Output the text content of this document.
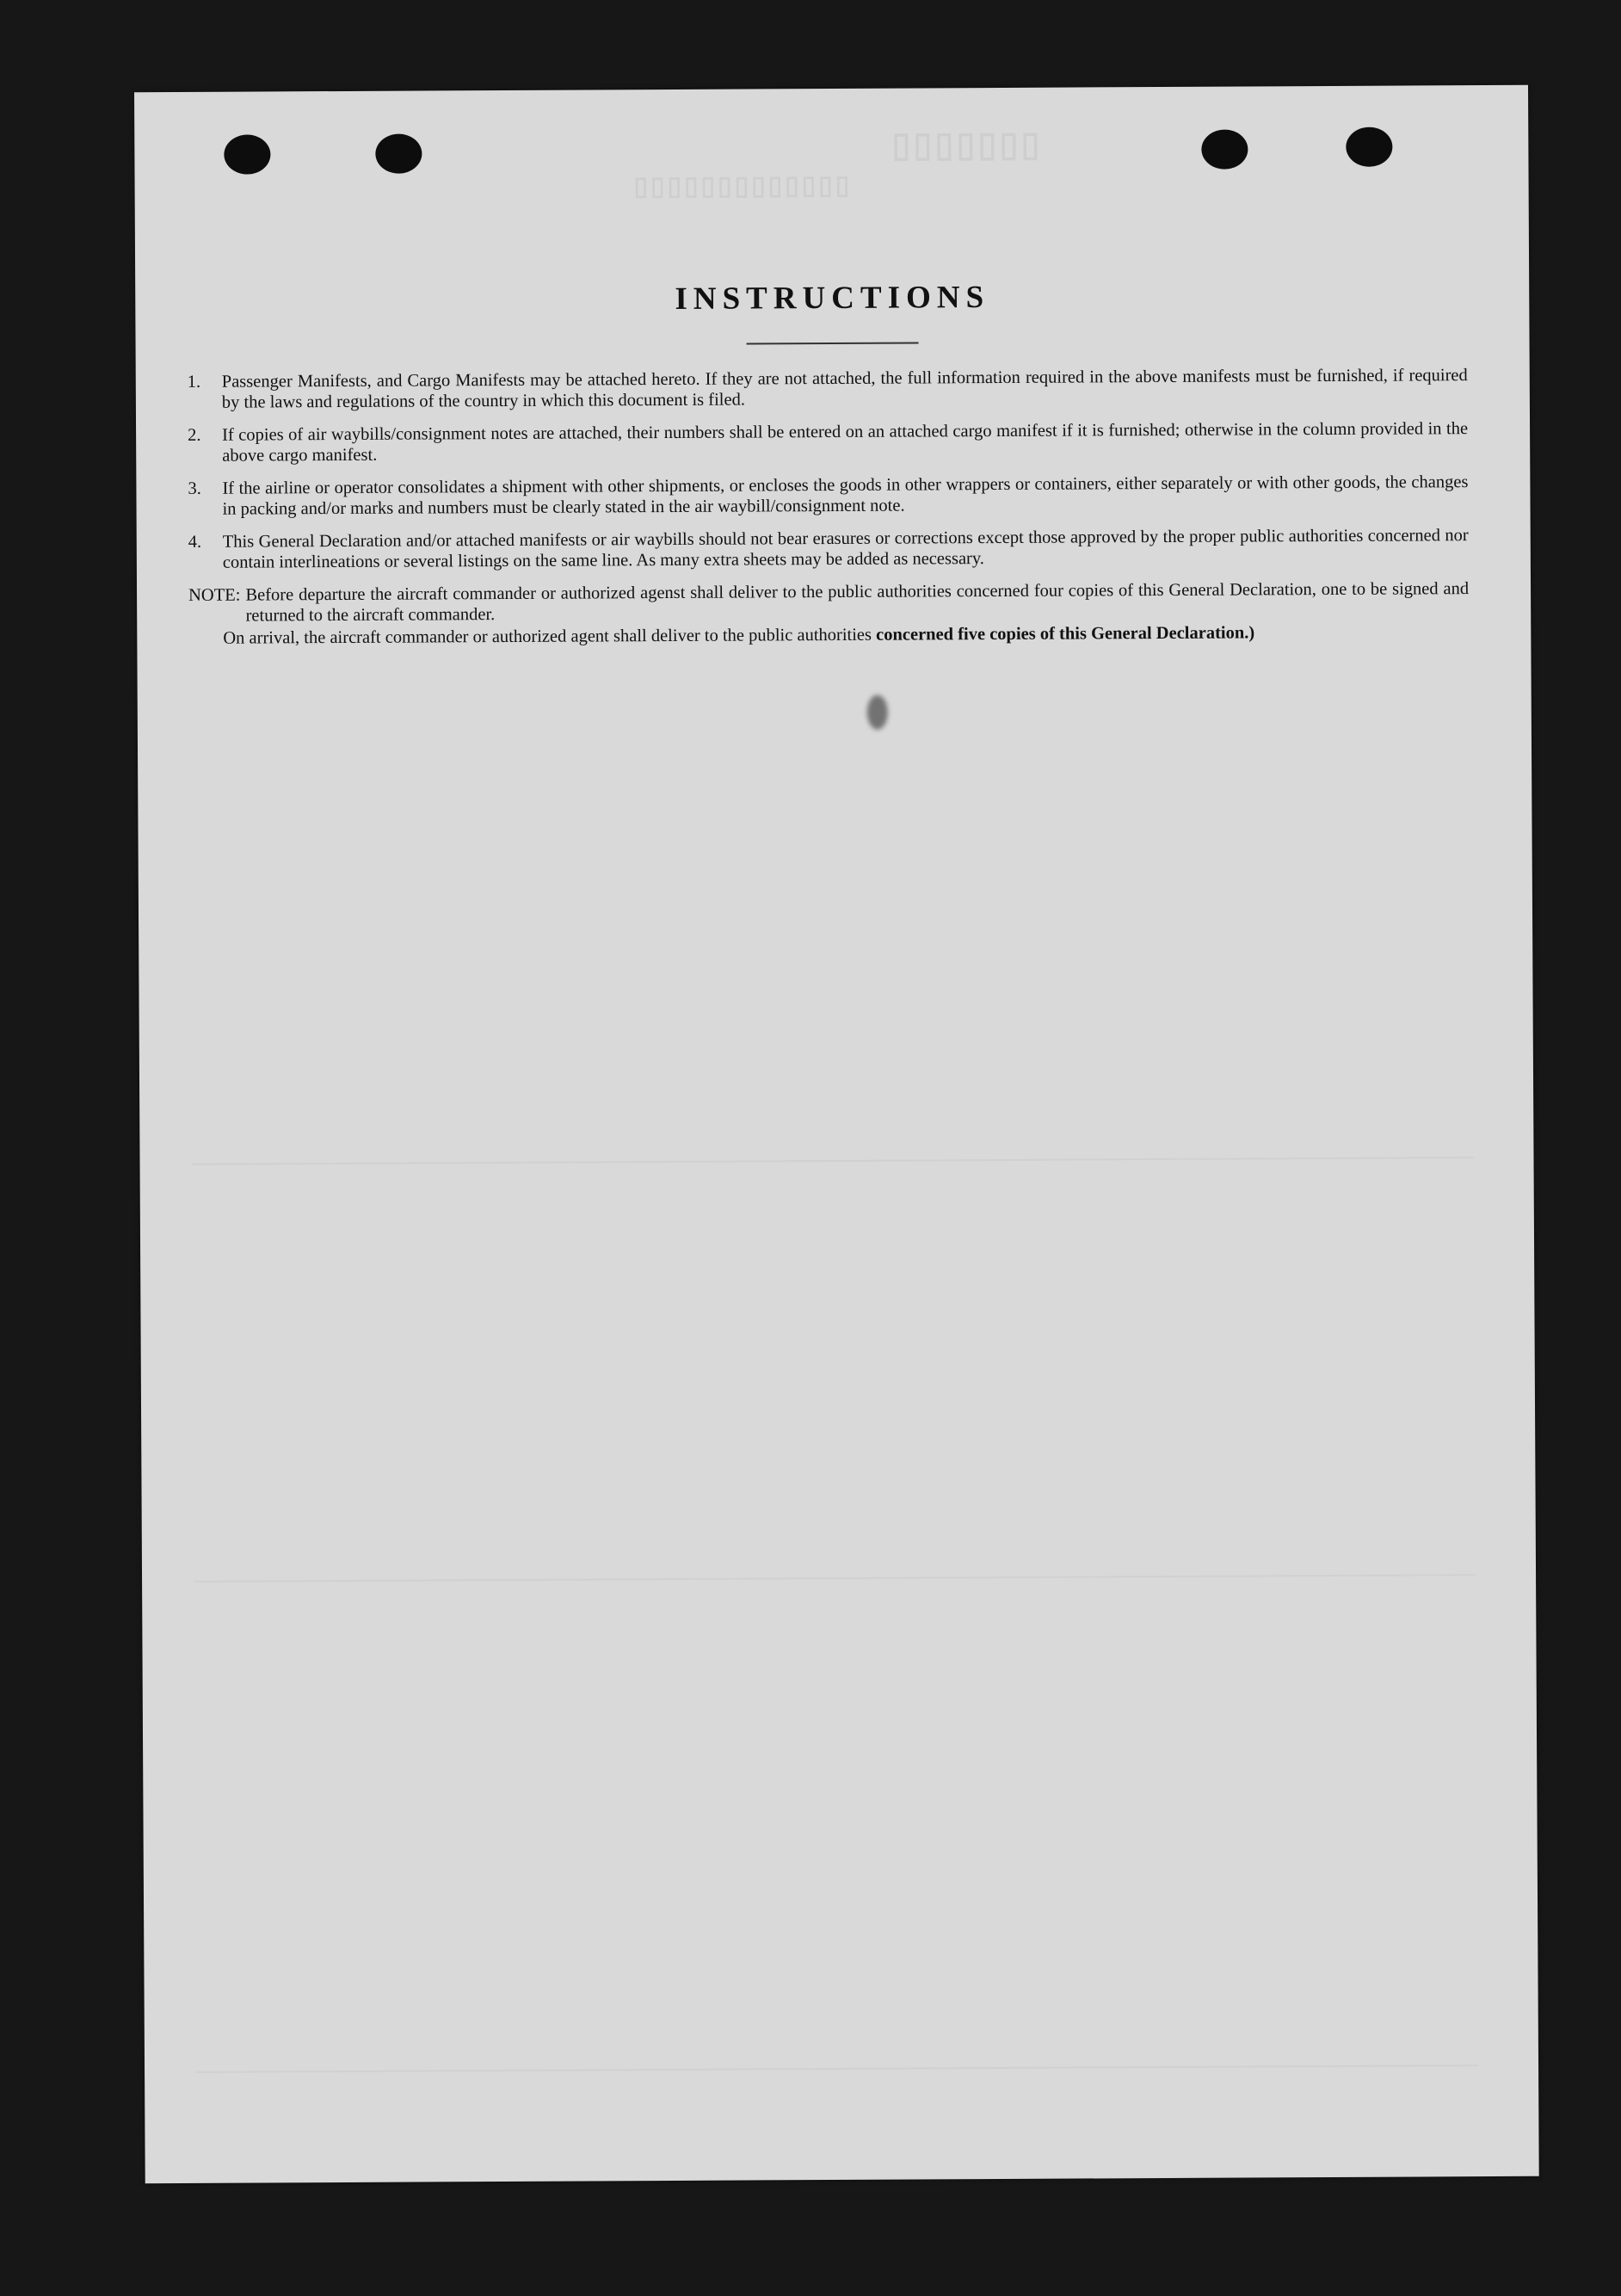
▯▯▯▯▯▯▯
▯▯▯▯▯▯▯▯▯▯▯▯▯
INSTRUCTIONS
1.	Passenger Manifests, and Cargo Manifests may be attached hereto. If they are not attached, the full information required in the above manifests must be furnished, if required by the laws and regulations of the country in which this document is filed.
2.	If copies of air waybills/consignment notes are attached, their numbers shall be entered on an attached cargo manifest if it is furnished; otherwise in the column provided in the above cargo manifest.
3.	If the airline or operator consolidates a shipment with other shipments, or encloses the goods in other wrappers or containers, either separately or with other goods, the changes in packing and/or marks and numbers must be clearly stated in the air waybill/consignment note.
4.	This General Declaration and/or attached manifests or air waybills should not bear erasures or corrections except those approved by the proper public authorities concerned nor contain interlineations or several listings on the same line. As many extra sheets may be added as necessary.
NOTE: Before departure the aircraft commander or authorized agenst shall deliver to the public authorities concerned four copies of this General Declaration, one to be signed and returned to the aircraft commander.
On arrival, the aircraft commander or authorized agent shall deliver to the public authorities concerned five copies of this General Declaration.)
